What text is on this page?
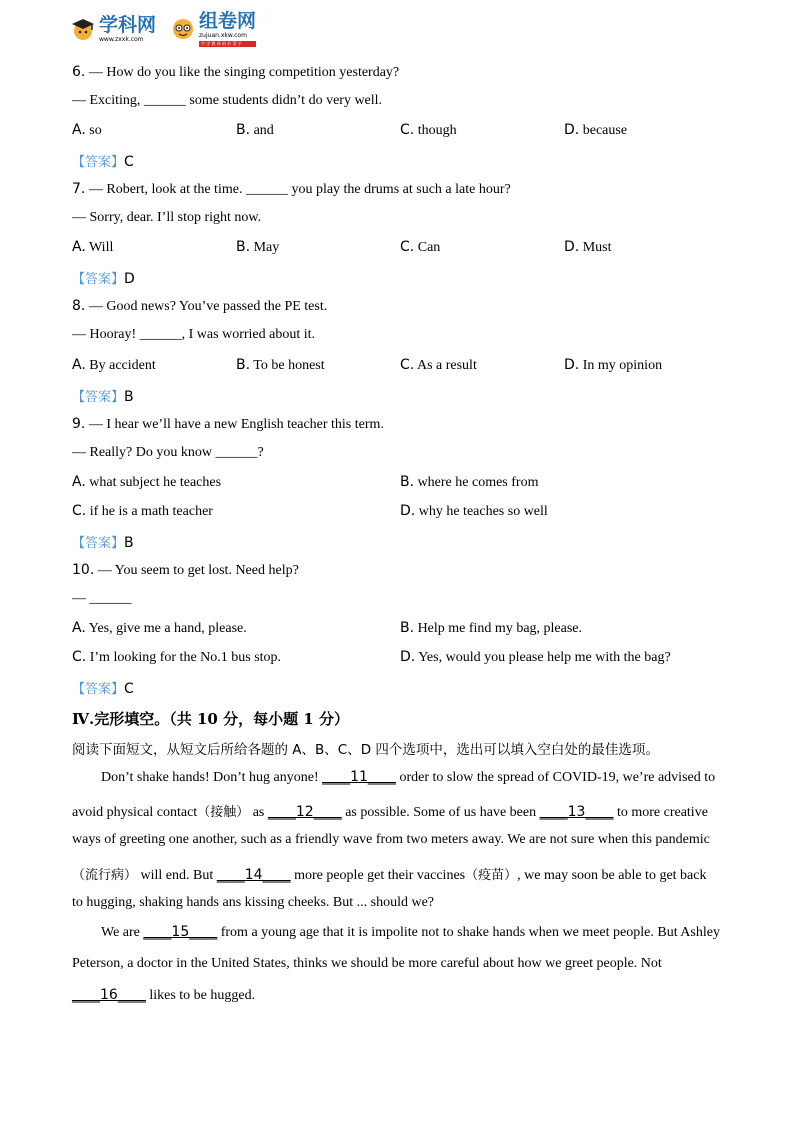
学科网
www.zxxk.com
组卷网
zujuan.xkw.com
中 学 教 师 的 好 帮 手
6. — How do you like the singing competition yesterday?
— Exciting, ______ some students didn’t do very well.
A. so	B. and	C. though	D. because
【答案】C
7. — Robert, look at the time. ______ you play the drums at such a late hour?
— Sorry, dear. I’ll stop right now.
A. Will	B. May	C. Can	D. Must
【答案】D
8. — Good news? You’ve passed the PE test.
— Hooray! ______, I was worried about it.
A. By accident	B. To be honest	C. As a result	D. In my opinion
【答案】B
9. — I hear we’ll have a new English teacher this term.
— Really? Do you know ______?
A. what subject he teaches	B. where he comes from
C. if he is a math teacher	D. why he teaches so well
【答案】B
10. — You seem to get lost. Need help?
— ______
A. Yes, give me a hand, please.	B. Help me find my bag, please.
C. I’m looking for the No.1 bus stop.	D. Yes, would you please help me with the bag?
【答案】C
Ⅳ.完形填空。（共 10 分，每小题 1 分）
阅读下面短文，从短文后所给各题的 A、B、C、D 四个选项中，选出可以填入空白处的最佳选项。
Don’t shake hands! Don’t hug anyone! ____11____ order to slow the spread of COVID-19, we’re advised to
avoid physical contact（接触） as ____12____ as possible. Some of us have been ____13____ to more creative
ways of greeting one another, such as a friendly wave from two meters away. We are not sure when this pandemic
（流行病） will end. But ____14____ more people get their vaccines（疫苗）, we may soon be able to get back
to hugging, shaking hands ans kissing cheeks. But ... should we?
We are ____15____ from a young age that it is impolite not to shake hands when we meet people. But Ashley
Peterson, a doctor in the United States, thinks we should be more careful about how we greet people. Not
____16____ likes to be hugged.
